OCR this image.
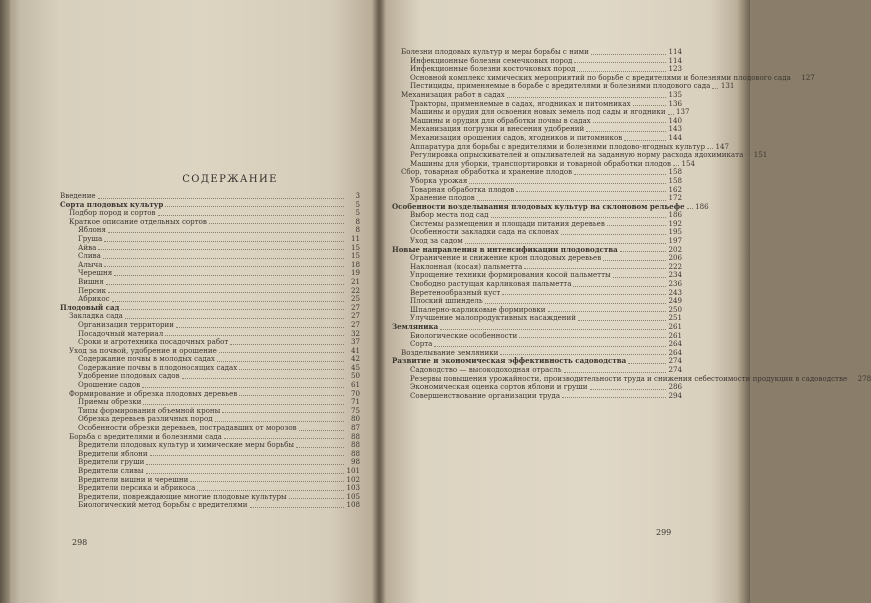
СОДЕРЖАНИЕ
Введение	3
Сорта плодовых культур	5
Подбор пород и сортов	5
Краткое описание отдельных сортов	8
Яблоня	8
Груша	11
Айва	15
Слива	15
Алыча	18
Черешня	19
Вишня	21
Персик	22
Абрикос	25
Плодовый сад	27
Закладка сада	27
Организация территории	27
Посадочный материал	32
Сроки и агротехника посадочных работ	37
Уход за почвой, удобрение и орошение	41
Содержание почвы в молодых садах	42
Содержание почвы в плодоносящих садах	45
Удобрение плодовых садов	50
Орошение садов	61
Формирование и обрезка плодовых деревьев	70
Приемы обрезки	71
Типы формирования объемной кроны	75
Обрезка деревьев различных пород	80
Особенности обрезки деревьев, пострадавших от морозов	87
Борьба с вредителями и болезнями сада	88
Вредители плодовых культур и химические меры борьбы	88
Вредители яблони	88
Вредители груши	98
Вредители сливы	101
Вредители вишни и черешни	102
Вредители персика и абрикоса	103
Вредители, повреждающие многие плодовые культуры	105
Биологический метод борьбы с вредителями	108
Болезни плодовых культур и меры борьбы с ними	114
Инфекционные болезни семечковых пород	114
Инфекционные болезни косточковых пород	123
Основной комплекс химических мероприятий по борьбе с вредителями и болезнями плодового сада 127
Пестициды, применяемые в борьбе с вредителями и болезнями плодового сада 131
Механизация работ в садах	135
Тракторы, применяемые в садах, ягодниках и питомниках	136
Машины и орудия для освоения новых земель под сады и ягодники 137
Машины и орудия для обработки почвы в садах	140
Механизация погрузки и внесения удобрений	143
Механизация орошения садов, ягодников и питомников	144
Аппаратура для борьбы с вредителями и болезнями плодово-ягодных культур 147
Регулировка опрыскивателей и опыливателей на заданную норму расхода ядохимиката 151
Машины для уборки, транспортировки и товарной обработки плодов 154
Сбор, товарная обработка и хранение плодов	158
Уборка урожая	158
Товарная обработка плодов	162
Хранение плодов	172
Особенности возделывания плодовых культур на склоновом рельефе 186
Выбор места под сад	186
Системы размещения и площади питания деревьев	192
Особенности закладки сада на склонах	195
Уход за садом	197
Новые направления в интенсификации плодоводства	202
Ограничение и снижение крон плодовых деревьев	206
Наклонная (косая) пальметта	222
Упрощение техники формирования косой пальметты	234
Свободно растущая карликовая пальметта	236
Веретенообразный куст	243
Плоский шпиндель	249
Шпалерно-карликовые формировки	250
Улучшение малопродуктивных насаждений	251
Земляника	261
Биологические особенности	261
Сорта	264
Возделывание земляники	264
Развитие и экономическая эффективность садоводства	274
Садоводство — высокодоходная отрасль	274
Резервы повышения урожайности, производительности труда и снижения себестоимости продукции в садоводстве 278
Экономическая оценка сортов яблони и груши	286
Совершенствование организации труда	294
298
299
